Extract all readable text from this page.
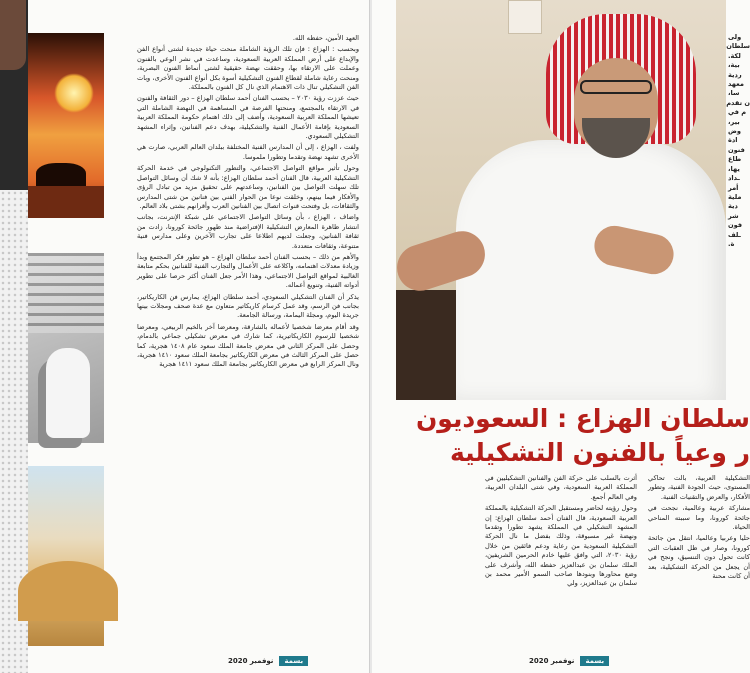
العهد الأمين، حفظه الله.

وبحسب : الهزاع : فإن تلك الرؤية الشاملة منحت حياة جديدة لشتى أنواع الفن والإبداع على أرض المملكة العربية السعودية، وساعدت في نشر الوعي بالفنون وعملت على الارتقاء بها، وحققت نهضة حقيقية لشتى أنماط الفنون البصرية، ومنحت رعاية شاملة لقطاع الفنون التشكيلية أسوة بكل أنواع الفنون الأخرى، وبات الفن التشكيلي تنال ذات الاهتمام الذي نال كل الفنون بالمملكة.

حيث عززت رؤية ٢٠٣٠ – بحسب الفنان أحمد سلطان الهزاع – دور الثقافة والفنون في الارتقاء بالمجتمع، ومنحتها الفرصة في المساهمة في النهضة الشاملة التي تعيشها المملكة العربية السعودية، وأضف إلى ذلك اهتمام حكومة المملكة العربية السعودية بإقامة الأعمال الفنية والتشكيلية، بهدف دعم الفنانين، وإثراء المشهد التشكيلي السعودي.

ولفت ، الهزاع ، إلى أن المدارس الفنية المختلفة ببلدان العالم العربي، صارت هي الأخرى تشهد نهضة وتقدما وتطورا ملموسا.

وحول تأثير مواقع التواصل الاجتماعي، والتطور التكنولوجي في خدمة الحركة التشكيلية العربية، قال الفنان أحمد سلطان الهزاع: بأنه لا شك أن وسائل التواصل تلك سهلت التواصل بين الفنانين، وساعدتهم على تحقيق مزيد من تبادل الرؤى والأفكار فيما بينهم، وخلقت نوعا من الحوار الفني بين فنانين من شتى المدارس والثقافات، بل وفتحت قنوات اتصال بين الفنانين العرب وأقرانهم بشتى بلاد العالم.

واضاف ، الهزاع ، بأن وسائل التواصل الاجتماعي على شبكة الإنترنت، بجانب انتشار ظاهرة المعارض التشكيلية الإفتراضية منذ ظهور جائحة كورونا، زادت من ثقافة الفنانين، وجعلت لديهم اطلاعا على تجارب الآخرين وعلى مدارس فنية متنوعة، وثقافات متعددة.

والأهم من ذلك – بحسب الفنان أحمد سلطان الهزاع – هو تطور فكر المجتمع وبدأ وزيادة معدلات اهتمامه، واكلاعه على الأعمال والتجارب الفنية للفنانين بحكم متابعة الغالبية لمواقع التواصل الاجتماعي، وهذا الأمر جعل الفنان أكثر حرصا على تطوير أدواته الفنية، وتنويع أعماله.

يذكر أن الفنان التشكيلي السعودي، أحمد سلطان الهزاع، يمارس فن الكاريكاتير، بجانب فن الرسم، وقد عمل كرسام كاريكاتير متعاون مع عدة صحف ومجلات بينها جريدة اليوم، ومجلة اليمامة، ورسالة الجامعة.

وقد أقام معرضا شخصيا لأعماله بالشارقة، ومعرضا آخر بالخيم الربيعي، ومعرضا شخصيا للرسوم الكاريكاتيرية، كما شارك في معرض تشكيلي جماعي بالدمام، وحصل على المركز الثاني في معرض جامعة الملك سعود عام ١٤٠٨ هجرية، كما حصل على المركز الثالث في معرض الكاريكاتير بجامعة الملك سعود ١٤١٠ هجرية، ونال المركز الرابع في معرض الكاريكاتير بجامعة الملك سعود ١٤١١ هجرية

نوفمبر 2020	بسمة
ولى
سلطان
لكة.
بية،
ردية
معهد
سا،
ن تقدم
م في
بير،
وض
ادة
فنون
طاع
يها،
ـداد
أمر
ملية
دية
شر
فون
ـلف
ة.
سلطان الهزاع : السعوديون
ر وعياً بالفنون التشكيلية

أثرت بالسلب على حركة الفن والفنانين التشكيليين في المملكة العربية السعودية، وفي شتى البلدان العربية، وفي العالم أجمع.

وحول رؤيته لحاضر ومستقبل الحركة التشكيلية بالمملكة العربية السعودية، قال الفنان أحمد سلطان الهزاع: إن المشهد التشكيلي في المملكة يشهد تطورا وتقدما ونهضة غير مسبوقة، وذلك بفضل ما نال الحركة التشكيلية السعودية من رعاية ودعم فائقين من خلال رؤية ٢٠٣٠، التي وافق عليها خادم الحرمين الشريفين، الملك سلمان بن عبدالعزيز حفظه الله، وأشرف على وضع محاورها وبنودها صاحب السمو الأمير محمد بن سلمان بن عبدالعزيز، ولي

التشكيلية العربية، بالت تحاكي المستوى، حيث الجودة الفنية، وتطور الأفكار، والعرض والتقنيات الفنية.

مشاركة عربية وعالمية، نجحت في جائحة كورونا، وما سببته المناحي الحياة.

حليا وعربيا وعالميا، انتقل من جائحة كورونا، وصار في ظل العقبات التي كانت تحول دون التنسيق، ونجح في أن يجعل من الحركة التشكيلية، بعد أن كانت محنة

نوفمبر 2020	بسمة
